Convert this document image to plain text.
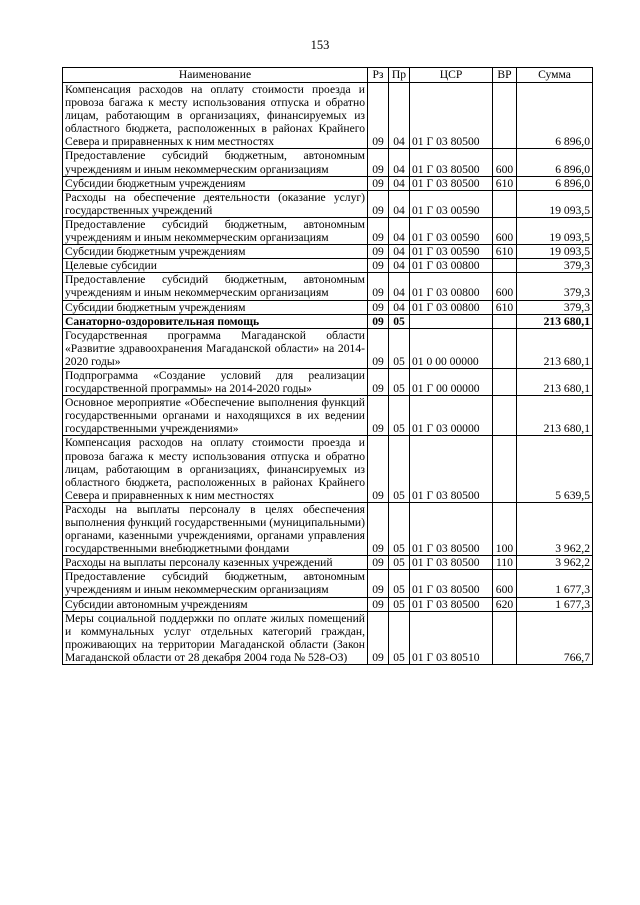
153
Наименование	Рз	Пр	ЦСР	ВР	Сумма
Компенсация расходов на оплату стоимости проезда и провоза багажа к месту использования отпуска и обратно лицам, работающим в организациях, финансируемых из областного бюджета, расположенных в районах Крайнего Севера и приравненных к ним местностях	09	04	01 Г 03 80500		6 896,0
Предоставление субсидий бюджетным, автономным учреждениям и иным некоммерческим организациям	09	04	01 Г 03 80500	600	6 896,0
Субсидии бюджетным учреждениям	09	04	01 Г 03 80500	610	6 896,0
Расходы на обеспечение деятельности (оказание услуг) государственных учреждений	09	04	01 Г 03 00590		19 093,5
Предоставление субсидий бюджетным, автономным учреждениям и иным некоммерческим организациям	09	04	01 Г 03 00590	600	19 093,5
Субсидии бюджетным учреждениям	09	04	01 Г 03 00590	610	19 093,5
Целевые субсидии	09	04	01 Г 03 00800		379,3
Предоставление субсидий бюджетным, автономным учреждениям и иным некоммерческим организациям	09	04	01 Г 03 00800	600	379,3
Субсидии бюджетным учреждениям	09	04	01 Г 03 00800	610	379,3
Санаторно-оздоровительная помощь	09	05			213 680,1
Государственная программа Магаданской области «Развитие здравоохранения Магаданской области» на 2014-2020 годы»	09	05	01 0 00 00000		213 680,1
Подпрограмма «Создание условий для реализации государственной программы» на 2014-2020 годы»	09	05	01 Г 00 00000		213 680,1
Основное мероприятие «Обеспечение выполнения функций государственными органами и находящихся в их ведении государственными учреждениями»	09	05	01 Г 03 00000		213 680,1
Компенсация расходов на оплату стоимости проезда и провоза багажа к месту использования отпуска и обратно лицам, работающим в организациях, финансируемых из областного бюджета, расположенных в районах Крайнего Севера и приравненных к ним местностях	09	05	01 Г 03 80500		5 639,5
Расходы на выплаты персоналу в целях обеспечения выполнения функций государственными (муниципальными) органами, казенными учреждениями, органами управления государственными внебюджетными фондами	09	05	01 Г 03 80500	100	3 962,2
Расходы на выплаты персоналу казенных учреждений	09	05	01 Г 03 80500	110	3 962,2
Предоставление субсидий бюджетным, автономным учреждениям и иным некоммерческим организациям	09	05	01 Г 03 80500	600	1 677,3
Субсидии автономным учреждениям	09	05	01 Г 03 80500	620	1 677,3
Меры социальной поддержки по оплате жилых помещений и коммунальных услуг отдельных категорий граждан, проживающих на территории Магаданской области (Закон Магаданской области от 28 декабря 2004 года № 528-ОЗ)	09	05	01 Г 03 80510		766,7
